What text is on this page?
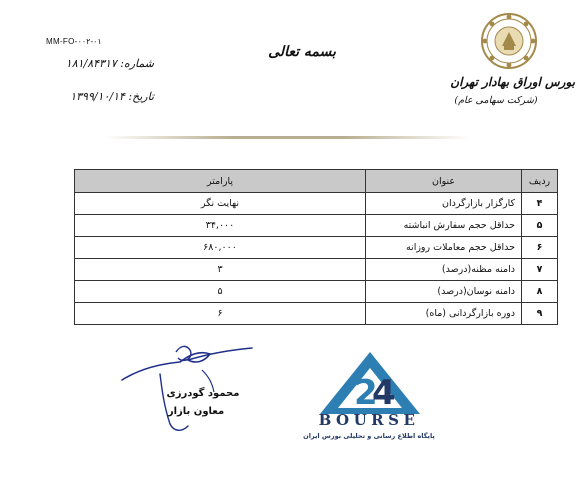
MM-FO-۰۰۲-۰۱
شماره: ۱۸۱/۸۴۳۱۷
تاریخ: ۱۳۹۹/۱۰/۱۴
بسمه تعالی
بورس اوراق بهادار تهران
(شرکت سهامی عام)
ردیف	عنوان	پارامتر
۴	کارگزار بازارگردان	نهایت نگر
۵	حداقل حجم سفارش انباشته	۳۴,۰۰۰
۶	حداقل حجم معاملات روزانه	۶۸۰,۰۰۰
۷	دامنه مظنه(درصد)	۳
۸	دامنه نوسان(درصد)	۵
۹	دوره بازارگردانی (ماه)	۶
محمود گودرزی
معاون بازار	2
4
BOURSE
پایگاه اطلاع رسانی و تحلیلی بورس ایران
